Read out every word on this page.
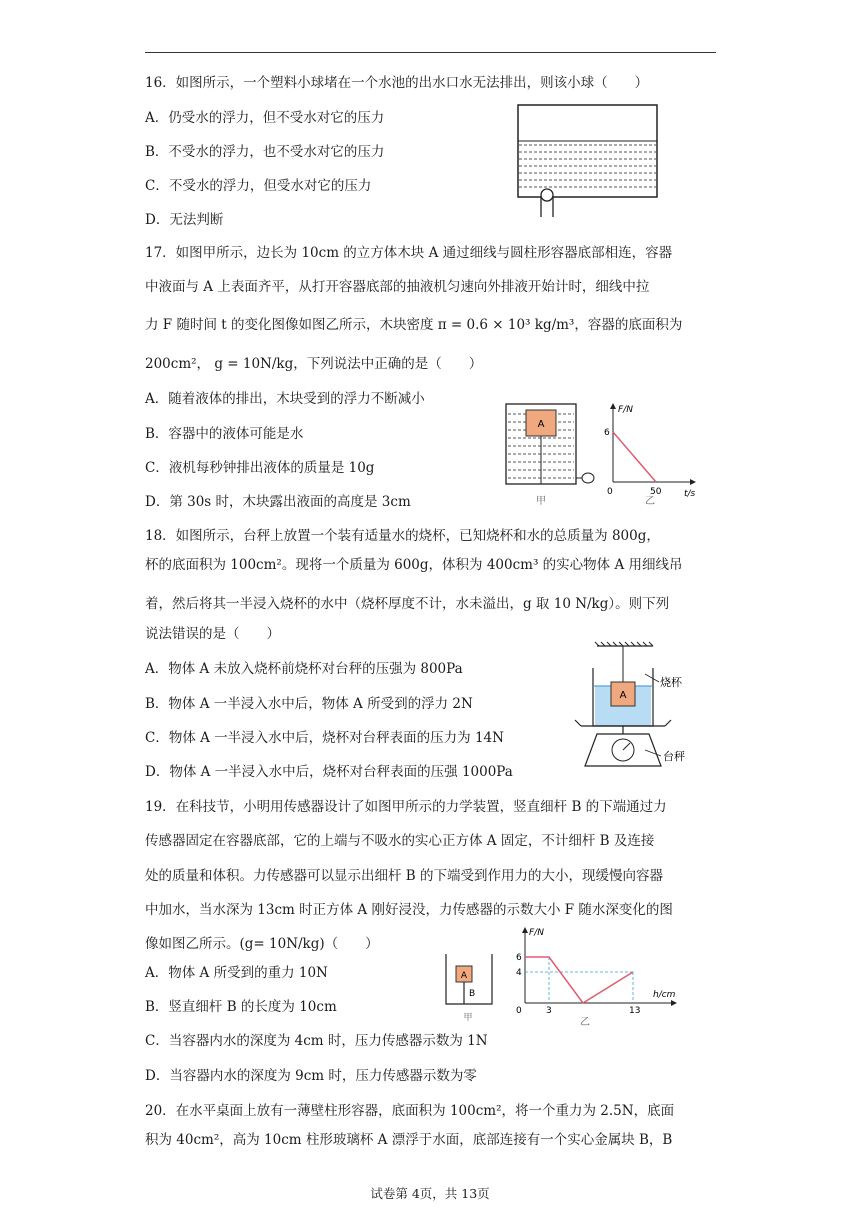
16．如图所示，一个塑料小球堵在一个水池的出水口水无法排出，则该小球（　　）
A．仍受水的浮力，但不受水对它的压力
B．不受水的浮力，也不受水对它的压力
C．不受水的浮力，但受水对它的压力
D．无法判断
17．如图甲所示，边长为 10cm 的立方体木块 A 通过细线与圆柱形容器底部相连，容器
中液面与 A 上表面齐平，从打开容器底部的抽液机匀速向外排液开始计时，细线中拉
力 F 随时间 t 的变化图像如图乙所示，木块密度 π = 0.6 × 10³ kg/m³，容器的底面积为
200cm²， g = 10N/kg，下列说法中正确的是（　　）
A．随着液体的排出，木块受到的浮力不断减小
B．容器中的液体可能是水
C．液机每秒钟排出液体的质量是 10g
D．第 30s 时，木块露出液面的高度是 3cm
A
甲
F/N
t/s
6
0	50
乙
18．如图所示，台秤上放置一个装有适量水的烧杯，已知烧杯和水的总质量为 800g，
杯的底面积为 100cm²。现将一个质量为 600g，体积为 400cm³ 的实心物体 A 用细线吊
着，然后将其一半浸入烧杯的水中（烧杯厚度不计，水未溢出，g 取 10 N/kg）。则下列
说法错误的是（　　）
A．物体 A 未放入烧杯前烧杯对台秤的压强为 800Pa
B．物体 A 一半浸入水中后，物体 A 所受到的浮力 2N
C．物体 A 一半浸入水中后，烧杯对台秤表面的压力为 14N
D．物体 A 一半浸入水中后，烧杯对台秤表面的压强 1000Pa
A
烧杯
台秤
19．在科技节，小明用传感器设计了如图甲所示的力学装置，竖直细杆 B 的下端通过力
传感器固定在容器底部，它的上端与不吸水的实心正方体 A 固定，不计细杆 B 及连接
处的质量和体积。力传感器可以显示出细杆 B 的下端受到作用力的大小，现缓慢向容器
中加水，当水深为 13cm 时正方体 A 刚好浸没，力传感器的示数大小 F 随水深变化的图
像如图乙所示。(g= 10N/kg)（　　）
A．物体 A 所受到的重力 10N
B．竖直细杆 B 的长度为 10cm
C．当容器内水的深度为 4cm 时，压力传感器示数为 1N
D．当容器内水的深度为 9cm 时，压力传感器示数为零
A
B
甲
F/N
h/cm
6
4
0	3	13
乙
20．在水平桌面上放有一薄壁柱形容器，底面积为 100cm²，将一个重力为 2.5N，底面
积为 40cm²，高为 10cm 柱形玻璃杯 A 漂浮于水面，底部连接有一个实心金属块 B，B
试卷第 4页，共 13页
